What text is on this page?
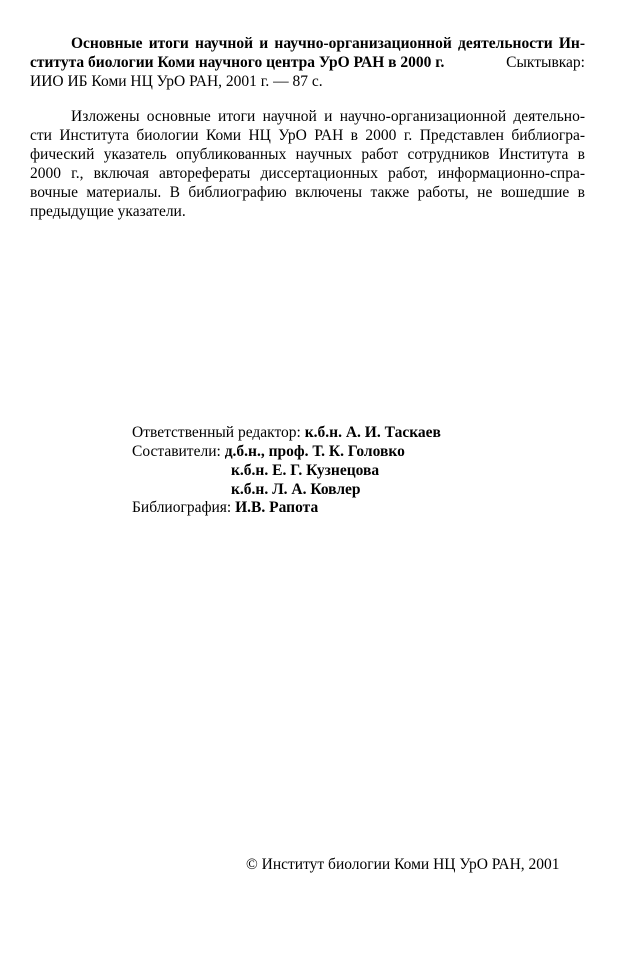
Основные итоги научной и научно-организационной деятельности Ин-
ститута биологии Коми научного центра УрО РАН в 2000 г.	Сыктывкар:
ИИО ИБ Коми НЦ УрО РАН, 2001 г. — 87 с.
Изложены основные итоги научной и научно-организационной деятельно-
сти Института биологии Коми НЦ УрО РАН в 2000 г. Представлен библиогра-
фический указатель опубликованных научных работ сотрудников Института в
2000 г., включая авторефераты диссертационных работ, информационно-спра-
вочные материалы. В библиографию включены также работы, не вошедшие в
предыдущие указатели.
Ответственный редактор: к.б.н. А. И. Таскаев
Составители: д.б.н., проф. Т. К. Головко
к.б.н. Е. Г. Кузнецова
к.б.н. Л. А. Ковлер
Библиография: И.В. Рапота
© Институт биологии Коми НЦ УрО РАН, 2001
